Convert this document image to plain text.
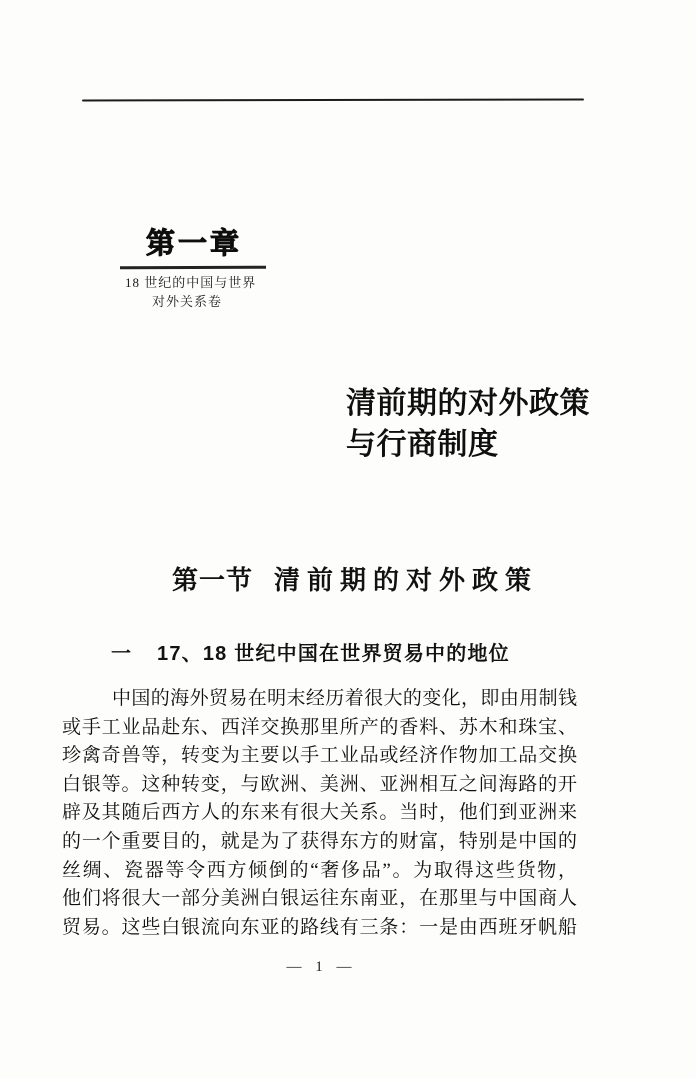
第一章
18 世纪的中国与世界
对外关系卷
清前期的对外政策
与行商制度
第一节 清前期的对外政策
一 17、18 世纪中国在世界贸易中的地位
中国的海外贸易在明末经历着很大的变化，即由用制钱
或手工业品赴东、西洋交换那里所产的香料、苏木和珠宝、
珍禽奇兽等，转变为主要以手工业品或经济作物加工品交换
白银等。这种转变，与欧洲、美洲、亚洲相互之间海路的开
辟及其随后西方人的东来有很大关系。当时，他们到亚洲来
的一个重要目的，就是为了获得东方的财富，特别是中国的
丝绸、瓷器等令西方倾倒的“奢侈品”。为取得这些货物，
他们将很大一部分美洲白银运往东南亚，在那里与中国商人
贸易。这些白银流向东亚的路线有三条：一是由西班牙帆船
— 1 —
